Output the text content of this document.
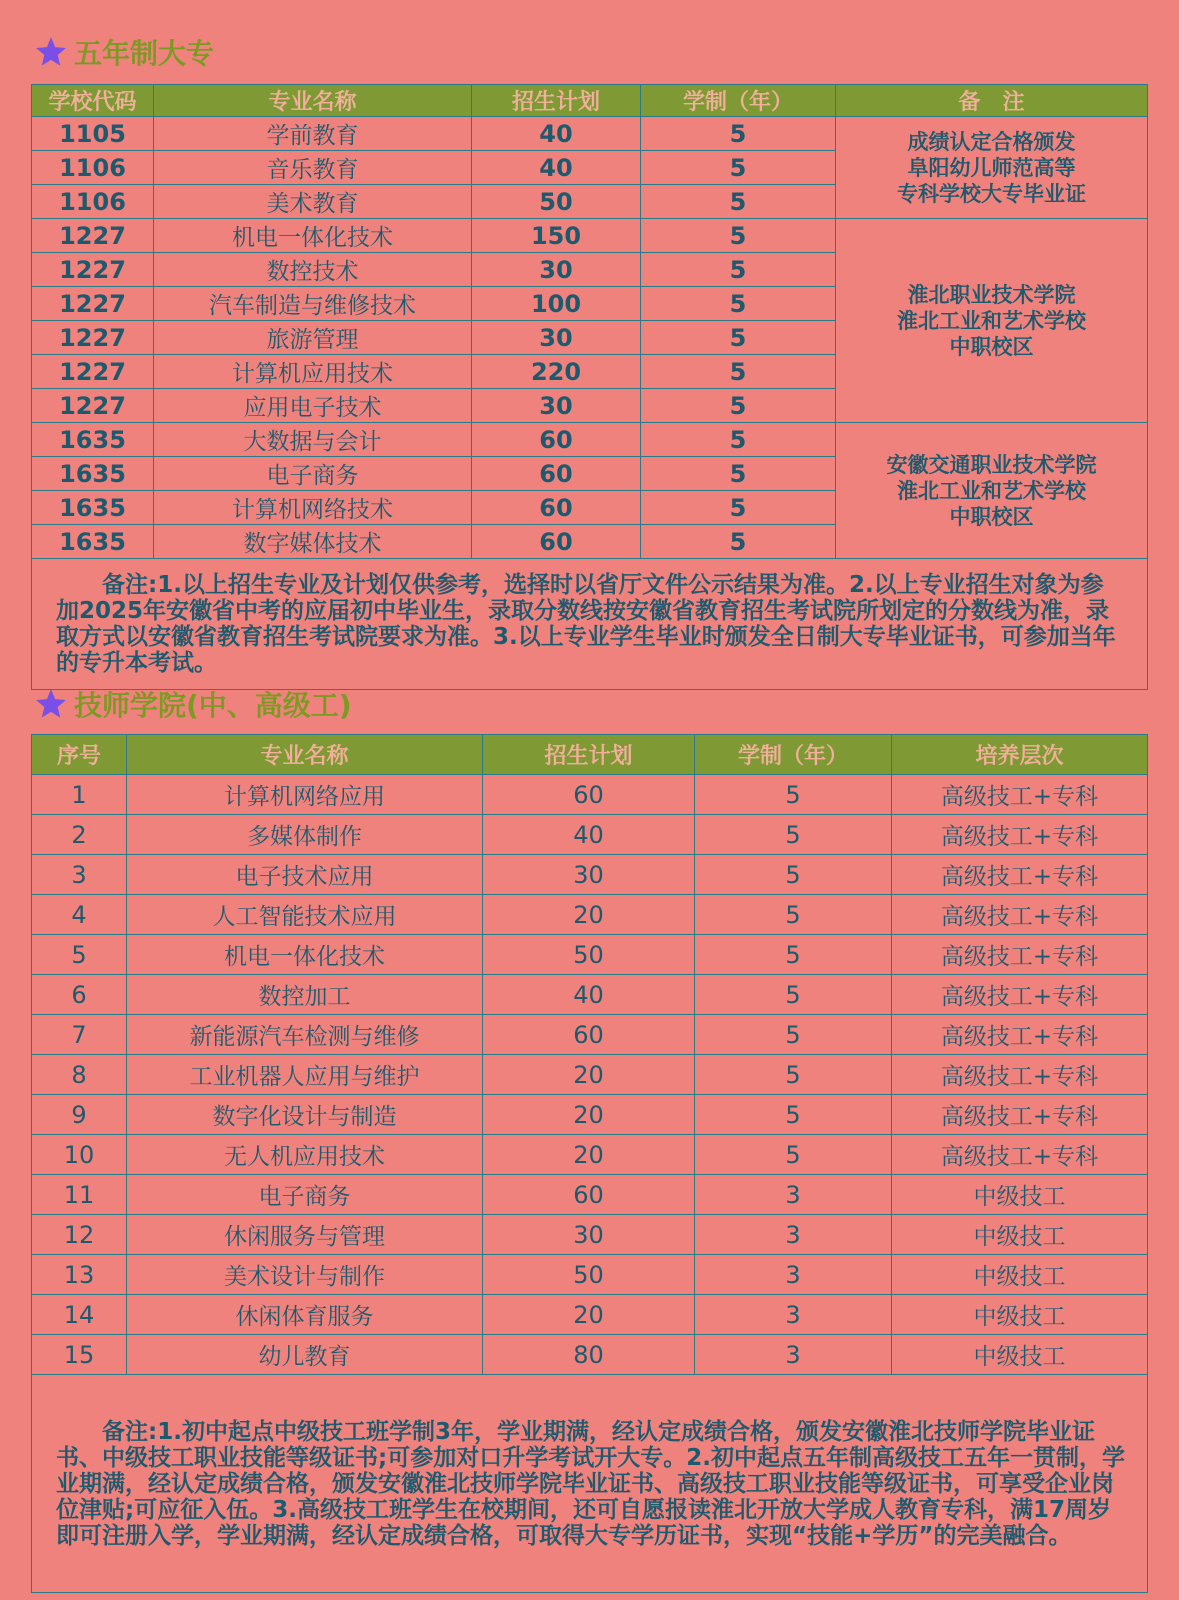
五年制大专
学校代码	专业名称	招生计划	学制（年）	备　注
1105	学前教育	40	5	成绩认定合格颁发
阜阳幼儿师范高等
专科学校大专毕业证
1106	音乐教育	40	5	
1106	美术教育	50	5	
1227	机电一体化技术	150	5	淮北职业技术学院
淮北工业和艺术学校
中职校区
1227	数控技术	30	5	
1227	汽车制造与维修技术	100	5	
1227	旅游管理	30	5	
1227	计算机应用技术	220	5	
1227	应用电子技术	30	5	
1635	大数据与会计	60	5	安徽交通职业技术学院
淮北工业和艺术学校
中职校区
1635	电子商务	60	5	
1635	计算机网络技术	60	5	
1635	数字媒体技术	60	5	

备注:1.以上招生专业及计划仅供参考，选择时以省厅文件公示结果为准。2.以上专业招生对象为参加2025年安徽省中考的应届初中毕业生，录取分数线按安徽省教育招生考试院所划定的分数线为准，录取方式以安徽省教育招生考试院要求为准。3.以上专业学生毕业时颁发全日制大专毕业证书，可参加当年的专升本考试。				
技师学院(中、高级工)
序号	专业名称	招生计划	学制（年）	培养层次
1	计算机网络应用	60	5	高级技工+专科
2	多媒体制作	40	5	高级技工+专科
3	电子技术应用	30	5	高级技工+专科
4	人工智能技术应用	20	5	高级技工+专科
5	机电一体化技术	50	5	高级技工+专科
6	数控加工	40	5	高级技工+专科
7	新能源汽车检测与维修	60	5	高级技工+专科
8	工业机器人应用与维护	20	5	高级技工+专科
9	数字化设计与制造	20	5	高级技工+专科
10	无人机应用技术	20	5	高级技工+专科
11	电子商务	60	3	中级技工
12	休闲服务与管理	30	3	中级技工
13	美术设计与制作	50	3	中级技工
14	休闲体育服务	20	3	中级技工
15	幼儿教育	80	3	中级技工

备注:1.初中起点中级技工班学制3年，学业期满，经认定成绩合格，颁发安徽淮北技师学院毕业证书、中级技工职业技能等级证书;可参加对口升学考试开大专。2.初中起点五年制高级技工五年一贯制，学业期满，经认定成绩合格，颁发安徽淮北技师学院毕业证书、高级技工职业技能等级证书，可享受企业岗位津贴;可应征入伍。3.高级技工班学生在校期间，还可自愿报读淮北开放大学成人教育专科，满17周岁即可注册入学，学业期满，经认定成绩合格，可取得大专学历证书，实现“技能+学历”的完美融合。				
